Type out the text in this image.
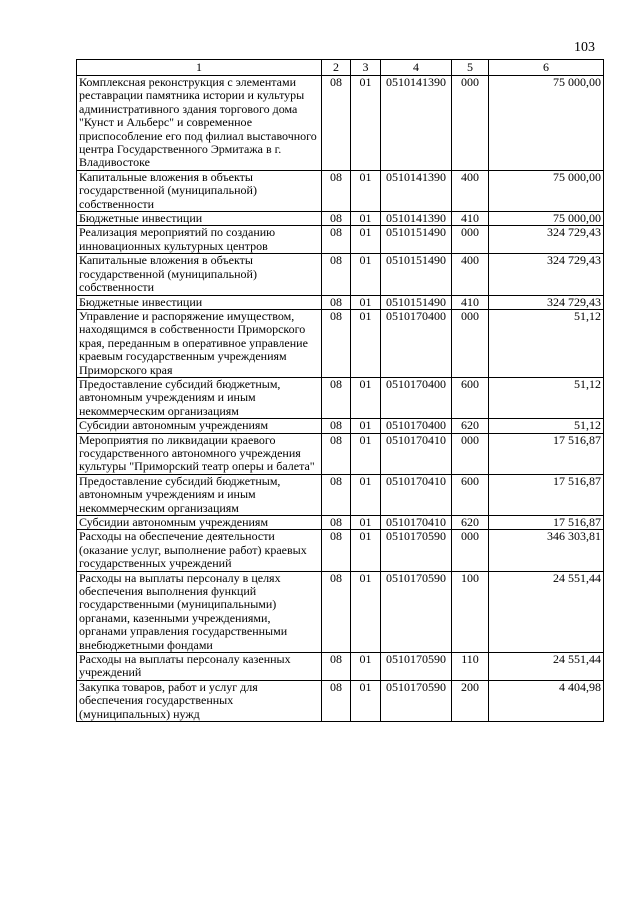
103
1	2	3	4	5	6
Комплексная реконструкция с элементами реставрации памятника истории и культуры административного здания торгового дома "Кунст и Альберс" и современное приспособление его под филиал выставочного центра Государственного Эрмитажа в г. Владивостоке	08	01	0510141390	000	75 000,00
Капитальные вложения в объекты государственной (муниципальной) собственности	08	01	0510141390	400	75 000,00
Бюджетные инвестиции	08	01	0510141390	410	75 000,00
Реализация мероприятий по созданию инновационных культурных центров	08	01	0510151490	000	324 729,43
Капитальные вложения в объекты государственной (муниципальной) собственности	08	01	0510151490	400	324 729,43
Бюджетные инвестиции	08	01	0510151490	410	324 729,43
Управление и распоряжение имуществом, находящимся в собственности Приморского края, переданным в оперативное управление краевым государственным учреждениям Приморского края	08	01	0510170400	000	51,12
Предоставление субсидий бюджетным, автономным учреждениям и иным некоммерческим организациям	08	01	0510170400	600	51,12
Субсидии автономным учреждениям	08	01	0510170400	620	51,12
Мероприятия по ликвидации краевого государственного автономного учреждения культуры "Приморский театр оперы и балета"	08	01	0510170410	000	17 516,87
Предоставление субсидий бюджетным, автономным учреждениям и иным некоммерческим организациям	08	01	0510170410	600	17 516,87
Субсидии автономным учреждениям	08	01	0510170410	620	17 516,87
Расходы на обеспечение деятельности (оказание услуг, выполнение работ) краевых государственных учреждений	08	01	0510170590	000	346 303,81
Расходы на выплаты персоналу в целях обеспечения выполнения функций государственными (муниципальными) органами, казенными учреждениями, органами управления государственными внебюджетными фондами	08	01	0510170590	100	24 551,44
Расходы на выплаты персоналу казенных учреждений	08	01	0510170590	110	24 551,44
Закупка товаров, работ и услуг для обеспечения государственных (муниципальных) нужд	08	01	0510170590	200	4 404,98
